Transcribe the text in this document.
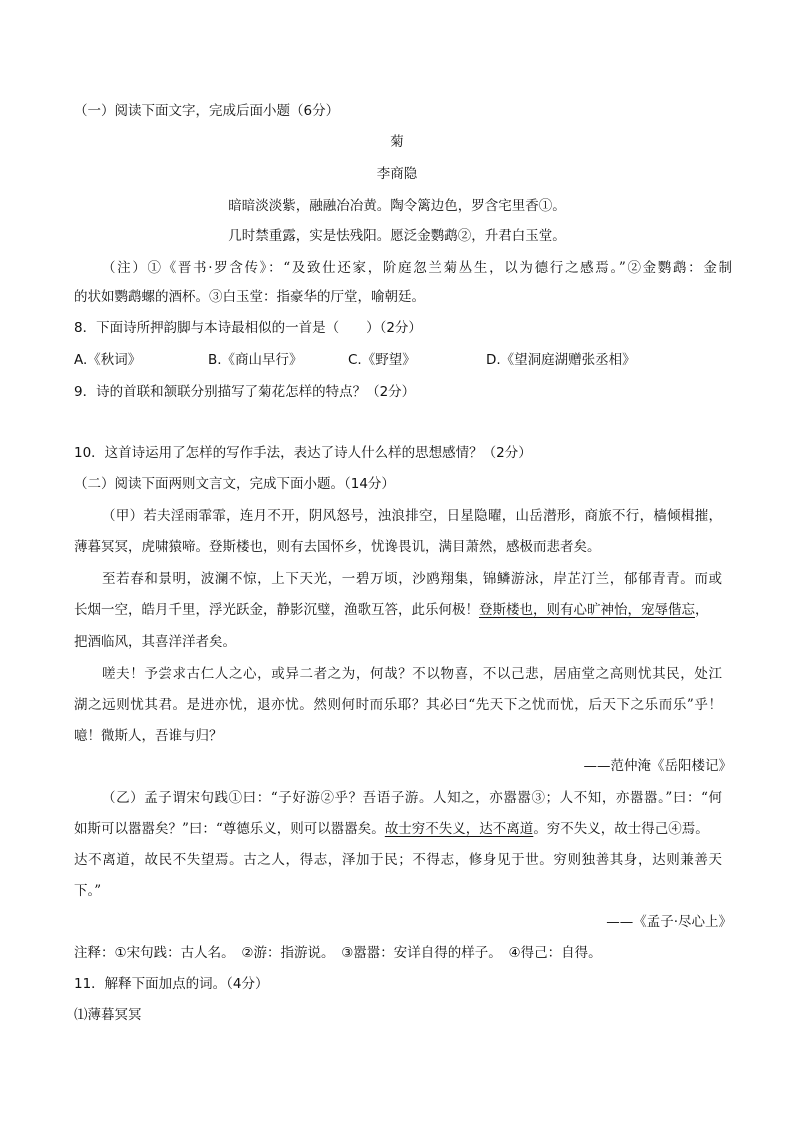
（一）阅读下面文字，完成后面小题（6分）
菊
李商隐
暗暗淡淡紫，融融冶冶黄。陶令篱边色，罗含宅里香①。
几时禁重露，实是怯残阳。愿泛金鹦鹉②，升君白玉堂。
（注）①《晋书·罗含传》：“及致仕还家，阶庭忽兰菊丛生，以为德行之感焉。”②金鹦鹉：金制
的状如鹦鹉螺的酒杯。③白玉堂：指豪华的厅堂，喻朝廷。
8．下面诗所押韵脚与本诗最相似的一首是（　　）（2分）
A.《秋词》	B.《商山早行》	C.《野望》	D.《望洞庭湖赠张丞相》
9．诗的首联和颔联分别描写了菊花怎样的特点？（2分）
10．这首诗运用了怎样的写作手法，表达了诗人什么样的思想感情？（2分）
（二）阅读下面两则文言文，完成下面小题。（14分）
（甲）若夫淫雨霏霏，连月不开，阴风怒号，浊浪排空，日星隐曜，山岳潜形，商旅不行，樯倾楫摧，
薄暮冥冥，虎啸猿啼。登斯楼也，则有去国怀乡，忧谗畏讥，满目萧然，感极而悲者矣。
至若春和景明，波澜不惊，上下天光，一碧万顷，沙鸥翔集，锦鳞游泳，岸芷汀兰，郁郁青青。而或
长烟一空，皓月千里，浮光跃金，静影沉璧，渔歌互答，此乐何极！登斯楼也，则有心旷神怡，宠辱偕忘，
把酒临风，其喜洋洋者矣。
嗟夫！予尝求古仁人之心，或异二者之为，何哉？不以物喜，不以己悲，居庙堂之高则忧其民，处江
湖之远则忧其君。是进亦忧，退亦忧。然则何时而乐耶？其必曰“先天下之忧而忧，后天下之乐而乐”乎！
噫！微斯人，吾谁与归？
——范仲淹《岳阳楼记》
（乙）孟子谓宋句践①曰：“子好游②乎？吾语子游。人知之，亦嚣嚣③；人不知，亦嚣嚣。”曰：“何
如斯可以嚣嚣矣？”曰：“尊德乐义，则可以嚣嚣矣。故士穷不失义，达不离道。穷不失义，故士得己④焉。
达不离道，故民不失望焉。古之人，得志，泽加于民；不得志，修身见于世。穷则独善其身，达则兼善天
下。”
——《孟子·尽心上》
注释：①宋句践：古人名。　②游：指游说。　③嚣嚣：安详自得的样子。　④得己：自得。
11．解释下面加点的词。（4分）
⑴薄暮冥冥
